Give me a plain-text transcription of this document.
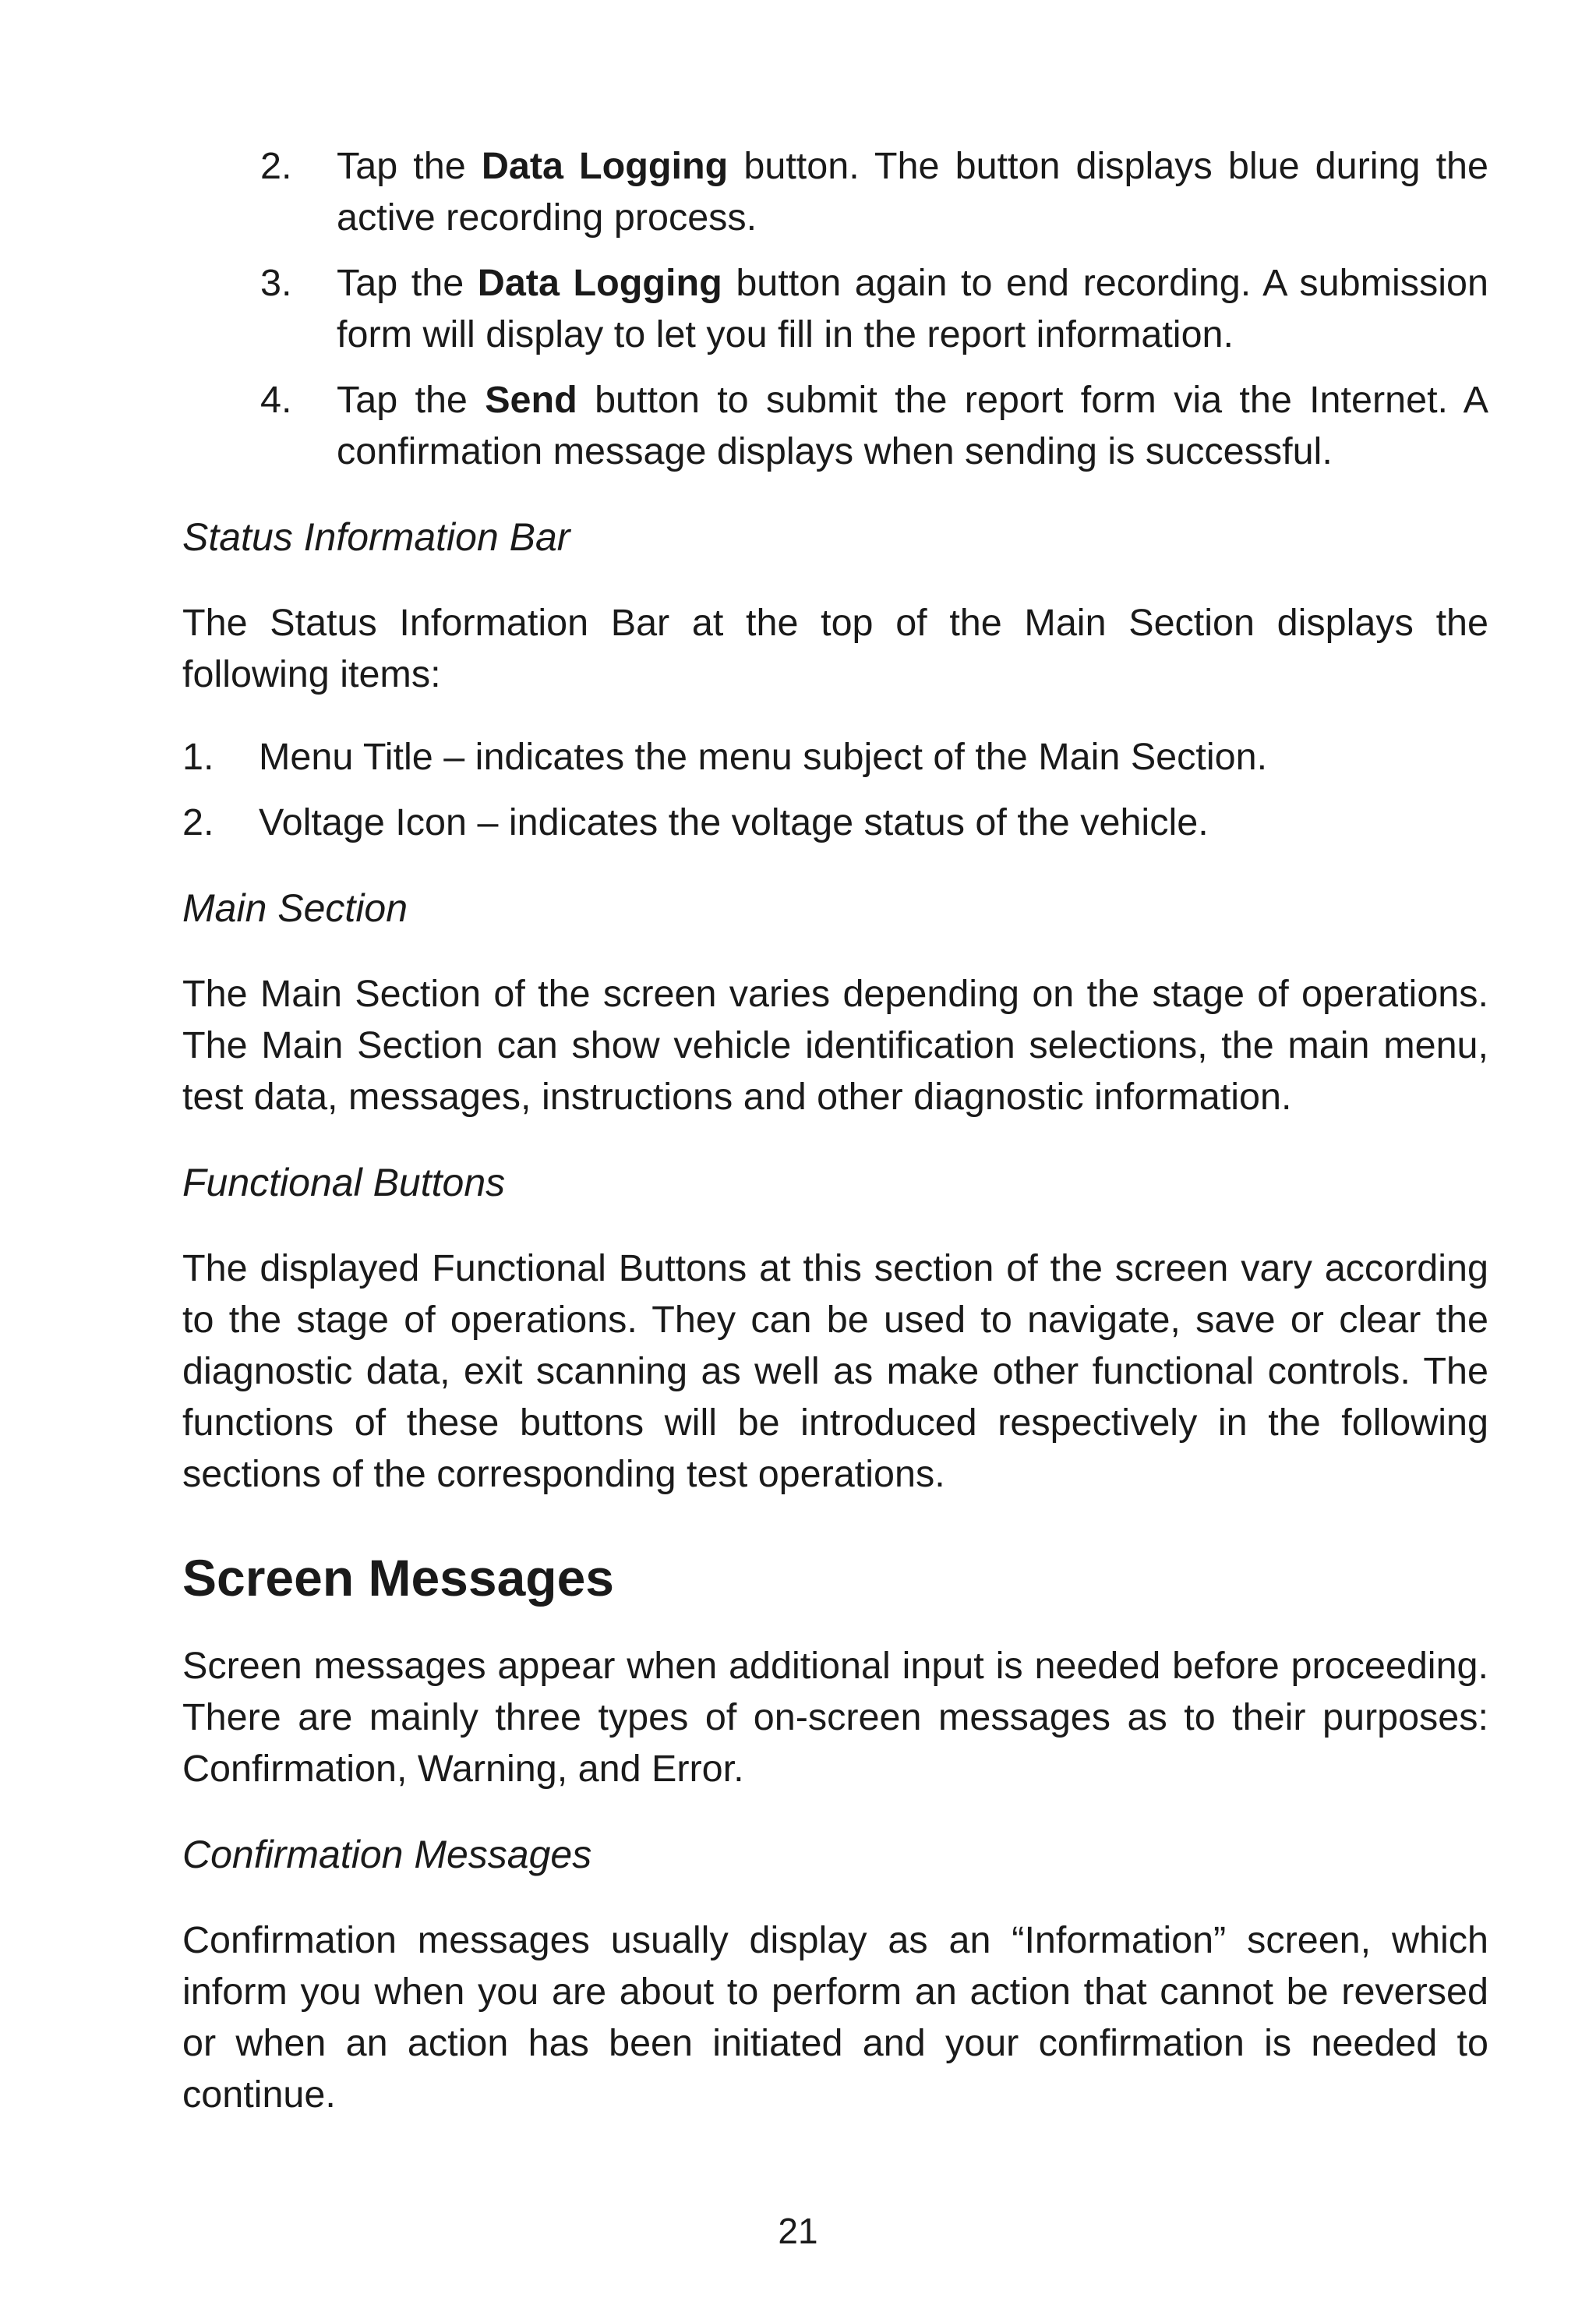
2. Tap the Data Logging button. The button displays blue during the active recording process.
3. Tap the Data Logging button again to end recording. A submission form will display to let you fill in the report information.
4. Tap the Send button to submit the report form via the Internet. A confirmation message displays when sending is successful.
Status Information Bar

The Status Information Bar at the top of the Main Section displays the following items:

1. Menu Title – indicates the menu subject of the Main Section.
2. Voltage Icon – indicates the voltage status of the vehicle.
Main Section

The Main Section of the screen varies depending on the stage of operations. The Main Section can show vehicle identification selections, the main menu, test data, messages, instructions and other diagnostic information.

Functional Buttons

The displayed Functional Buttons at this section of the screen vary according to the stage of operations. They can be used to navigate, save or clear the diagnostic data, exit scanning as well as make other functional controls. The functions of these buttons will be introduced respectively in the following sections of the corresponding test operations.

Screen Messages

Screen messages appear when additional input is needed before proceeding. There are mainly three types of on-screen messages as to their purposes: Confirmation, Warning, and Error.

Confirmation Messages

Confirmation messages usually display as an “Information” screen, which inform you when you are about to perform an action that cannot be reversed or when an action has been initiated and your confirmation is needed to continue.

21
